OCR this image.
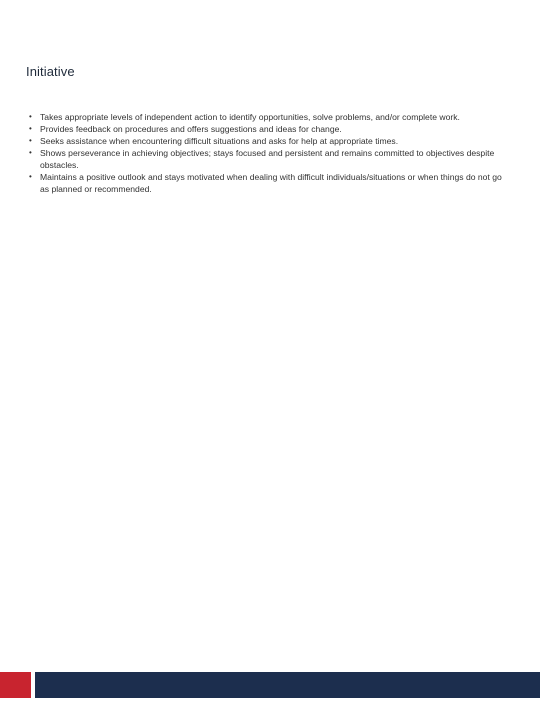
Initiative
• Takes appropriate levels of independent action to identify opportunities, solve problems, and/or complete work.
• Provides feedback on procedures and offers suggestions and ideas for change.
• Seeks assistance when encountering difficult situations and asks for help at appropriate times.
• Shows perseverance in achieving objectives; stays focused and persistent and remains committed to objectives despite obstacles.
• Maintains a positive outlook and stays motivated when dealing with difficult individuals/situations or when things do not go as planned or recommended.
